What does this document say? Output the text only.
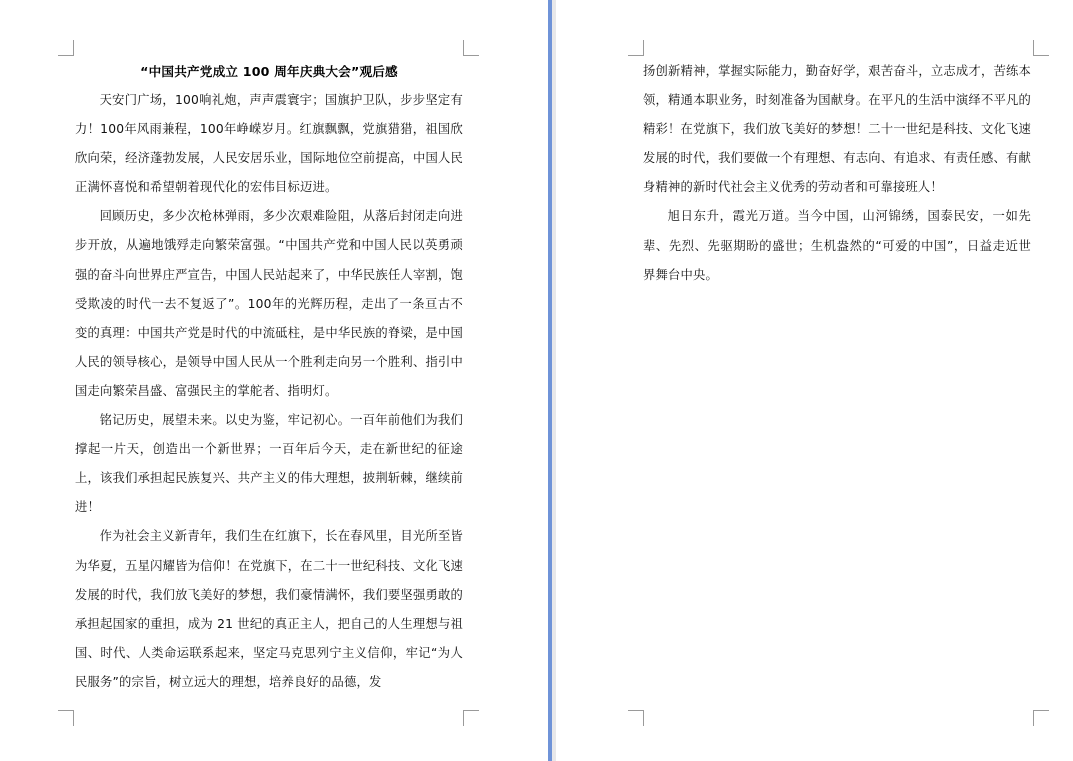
“中国共产党成立 100 周年庆典大会”观后感

天安门广场，100响礼炮，声声震寰宇；国旗护卫队，步步坚定有力！100年风雨兼程，100年峥嵘岁月。红旗飘飘，党旗猎猎，祖国欣欣向荣，经济蓬勃发展，人民安居乐业，国际地位空前提高，中国人民正满怀喜悦和希望朝着现代化的宏伟目标迈进。

回顾历史，多少次枪林弹雨，多少次艰难险阻，从落后封闭走向进步开放，从遍地饿殍走向繁荣富强。“中国共产党和中国人民以英勇顽强的奋斗向世界庄严宣告，中国人民站起来了，中华民族任人宰割，饱受欺凌的时代一去不复返了”。100年的光辉历程，走出了一条亘古不变的真理：中国共产党是时代的中流砥柱，是中华民族的脊梁，是中国人民的领导核心，是领导中国人民从一个胜利走向另一个胜利、指引中国走向繁荣昌盛、富强民主的掌舵者、指明灯。

铭记历史，展望未来。以史为鉴，牢记初心。一百年前他们为我们撑起一片天，创造出一个新世界；一百年后今天，走在新世纪的征途上，该我们承担起民族复兴、共产主义的伟大理想，披荆斩棘，继续前进！

作为社会主义新青年，我们生在红旗下，长在春风里，目光所至皆为华夏，五星闪耀皆为信仰！在党旗下，在二十一世纪科技、文化飞速发展的时代，我们放飞美好的梦想，我们豪情满怀，我们要坚强勇敢的承担起国家的重担，成为 21 世纪的真正主人，把自己的人生理想与祖国、时代、人类命运联系起来，坚定马克思列宁主义信仰，牢记“为人民服务”的宗旨，树立远大的理想，培养良好的品德，发

扬创新精神，掌握实际能力，勤奋好学，艰苦奋斗，立志成才，苦练本领，精通本职业务，时刻准备为国献身。在平凡的生活中演绎不平凡的精彩！在党旗下，我们放飞美好的梦想！二十一世纪是科技、文化飞速发展的时代，我们要做一个有理想、有志向、有追求、有责任感、有献身精神的新时代社会主义优秀的劳动者和可靠接班人！

旭日东升，霞光万道。当今中国，山河锦绣，国泰民安，一如先辈、先烈、先驱期盼的盛世；生机盎然的“可爱的中国”，日益走近世界舞台中央。
